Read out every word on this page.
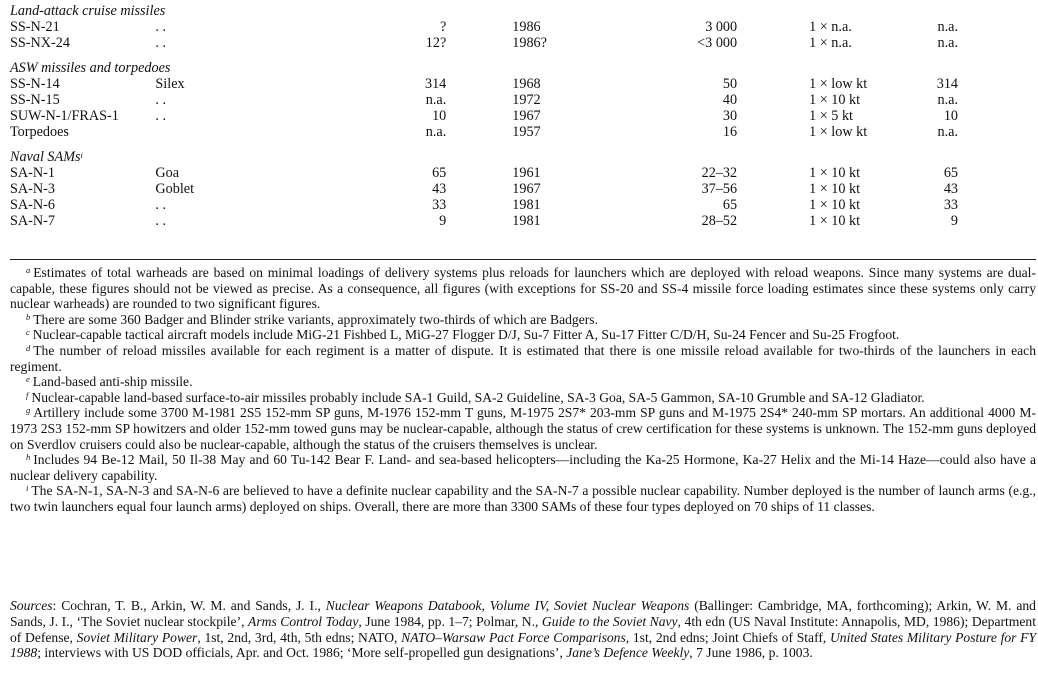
Land-attack cruise missiles						
SS-N-21	. .	?	1986	3 000	1 × n.a.	n.a.
SS-NX-24	. .	12?	1986?	<3 000	1 × n.a.	n.a.

ASW missiles and torpedoes						
SS-N-14	Silex	314	1968	50	1 × low kt	314
SS-N-15	. .	n.a.	1972	40	1 × 10 kt	n.a.
SUW-N-1/FRAS-1	. .	10	1967	30	1 × 5 kt	10
Torpedoes		n.a.	1957	16	1 × low kt	n.a.

Naval SAMs$^i$
SA-N-1	Goa	65	1961	22–32	1 × 10 kt	65
SA-N-3	Goblet	43	1967	37–56	1 × 10 kt	43
SA-N-6	. .	33	1981	65	1 × 10 kt	33
SA-N-7	. .	9	1981	28–52	1 × 10 kt	9

$^a$ Estimates of total warheads are based on minimal loadings of delivery systems plus reloads for launchers which are deployed with reload weapons. Since many systems are dual-capable, these figures should not be viewed as precise. As a consequence, all figures (with exceptions for SS-20 and SS-4 missile force loading estimates since these systems only carry nuclear warheads) are rounded to two significant figures.

$^b$ There are some 360 Badger and Blinder strike variants, approximately two-thirds of which are Badgers.

$^c$ Nuclear-capable tactical aircraft models include MiG-21 Fishbed L, MiG-27 Flogger D/J, Su-7 Fitter A, Su-17 Fitter C/D/H, Su-24 Fencer and Su-25 Frogfoot.

$^d$ The number of reload missiles available for each regiment is a matter of dispute. It is estimated that there is one missile reload available for two-thirds of the launchers in each regiment.

$^e$ Land-based anti-ship missile.

$^f$ Nuclear-capable land-based surface-to-air missiles probably include SA-1 Guild, SA-2 Guideline, SA-3 Goa, SA-5 Gammon, SA-10 Grumble and SA-12 Gladiator.

$^g$ Artillery include some 3700 M-1981 2S5 152-mm SP guns, M-1976 152-mm T guns, M-1975 2S7* 203-mm SP guns and M-1975 2S4* 240-mm SP mortars. An additional 4000 M-1973 2S3 152-mm SP howitzers and older 152-mm towed guns may be nuclear-capable, although the status of crew certification for these systems is unknown. The 152-mm guns deployed on Sverdlov cruisers could also be nuclear-capable, although the status of the cruisers themselves is unclear.

$^h$ Includes 94 Be-12 Mail, 50 Il-38 May and 60 Tu-142 Bear F. Land- and sea-based helicopters—including the Ka-25 Hormone, Ka-27 Helix and the Mi-14 Haze—could also have a nuclear delivery capability.

$^i$ The SA-N-1, SA-N-3 and SA-N-6 are believed to have a definite nuclear capability and the SA-N-7 a possible nuclear capability. Number deployed is the number of launch arms (e.g., two twin launchers equal four launch arms) deployed on ships. Overall, there are more than 3300 SAMs of these four types deployed on 70 ships of 11 classes.

Sources: Cochran, T. B., Arkin, W. M. and Sands, J. I., Nuclear Weapons Databook, Volume IV, Soviet Nuclear Weapons (Ballinger: Cambridge, MA, forthcoming); Arkin, W. M. and Sands, J. I., ‘The Soviet nuclear stockpile’, Arms Control Today, June 1984, pp. 1–7; Polmar, N., Guide to the Soviet Navy, 4th edn (US Naval Institute: Annapolis, MD, 1986); Department of Defense, Soviet Military Power, 1st, 2nd, 3rd, 4th, 5th edns; NATO, NATO–Warsaw Pact Force Comparisons, 1st, 2nd edns; Joint Chiefs of Staff, United States Military Posture for FY 1988; interviews with US DOD officials, Apr. and Oct. 1986; ‘More self-propelled gun designations’, Jane’s Defence Weekly, 7 June 1986, p. 1003.
